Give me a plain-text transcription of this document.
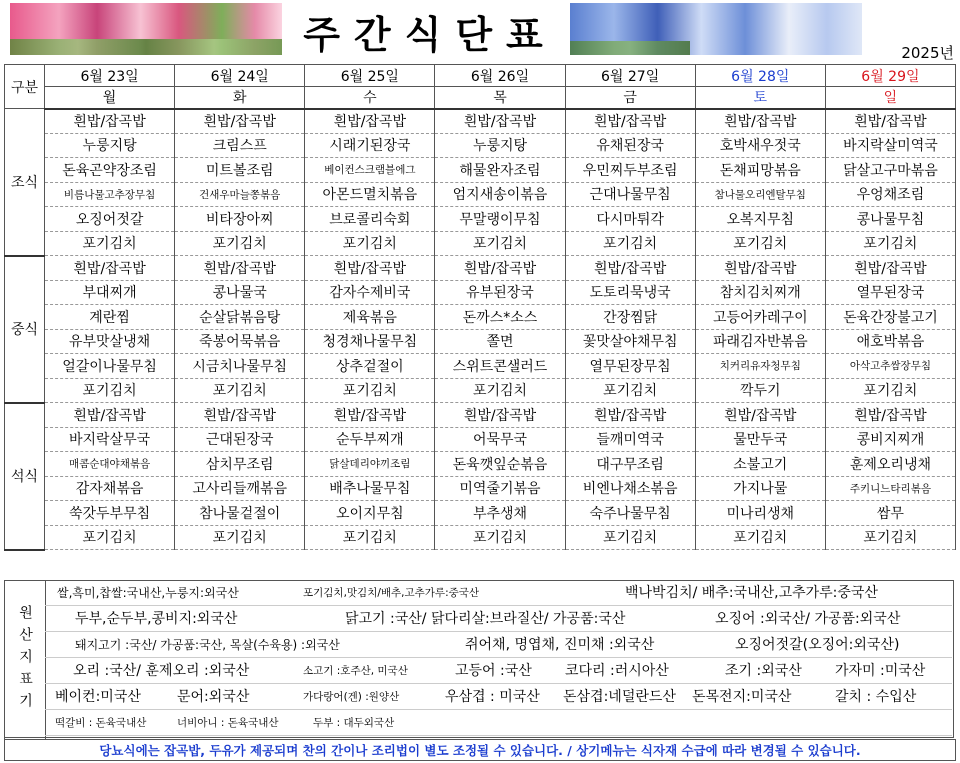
주간식단표	2025년
구분	6월 23일	6월 24일	6월 25일	6월 26일	6월 27일	6월 28일	6월 29일
	월	화	수	목	금	토	일
조식	흰밥/잡곡밥	흰밥/잡곡밥	흰밥/잡곡밥	흰밥/잡곡밥	흰밥/잡곡밥	흰밥/잡곡밥	흰밥/잡곡밥
	누룽지탕	크림스프	시래기된장국	누룽지탕	유채된장국	호박새우젓국	바지락살미역국
	돈육곤약장조림	미트볼조림	베이컨스크램블에그	해물완자조림	우민찌두부조림	돈채피망볶음	닭살고구마볶음
	비름나물고추장무침	건새우마늘쫑볶음	아몬드멸치볶음	엄지새송이볶음	근대나물무침	참나물오리엔탈무침	우엉채조림
	오징어젓갈	비타장아찌	브로콜리숙회	무말랭이무침	다시마튀각	오복지무침	콩나물무침
	포기김치	포기김치	포기김치	포기김치	포기김치	포기김치	포기김치
중식	흰밥/잡곡밥	흰밥/잡곡밥	흰밥/잡곡밥	흰밥/잡곡밥	흰밥/잡곡밥	흰밥/잡곡밥	흰밥/잡곡밥
	부대찌개	콩나물국	감자수제비국	유부된장국	도토리묵냉국	참치김치찌개	열무된장국
	계란찜	순살닭볶음탕	제육볶음	돈까스*소스	간장찜닭	고등어카레구이	돈육간장불고기
	유부맛살냉채	죽봉어묵볶음	청경채나물무침	쫄면	꽃맛살야채무침	파래김자반볶음	애호박볶음
	얼갈이나물무침	시금치나물무침	상추겉절이	스위트콘샐러드	열무된장무침	치커리유자청무침	아삭고추쌈장무침
	포기김치	포기김치	포기김치	포기김치	포기김치	깍두기	포기김치
석식	흰밥/잡곡밥	흰밥/잡곡밥	흰밥/잡곡밥	흰밥/잡곡밥	흰밥/잡곡밥	흰밥/잡곡밥	흰밥/잡곡밥
	바지락살무국	근대된장국	순두부찌개	어묵무국	들깨미역국	물만두국	콩비지찌개
	매콤순대야채볶음	삼치무조림	닭살데리야끼조림	돈육깻잎순볶음	대구무조림	소불고기	훈제오리냉채
	감자채볶음	고사리들깨볶음	배추나물무침	미역줄기볶음	비엔나채소볶음	가지나물	주키니느타리볶음
	쑥갓두부무침	참나물겉절이	오이지무침	부추생채	숙주나물무침	미나리생채	쌈무
	포기김치	포기김치	포기김치	포기김치	포기김치	포기김치	포기김치
원산지표기
쌀,흑미,찹쌀:국내산,누룽지:외국산	포기김치,맛김치/배추,고추가루:중국산	백나박김치/ 배추:국내산,고추가루:중국산
두부,순두부,콩비지:외국산	닭고기 :국산/ 닭다리살:브라질산/ 가공품:국산	오징어 :외국산/ 가공품:외국산
돼지고기 :국산/ 가공품:국산, 목살(수육용) :외국산	쥐어채, 명엽채, 진미채 :외국산	오징어젓갈(오징어:외국산)
오리 :국산/ 훈제오리 :외국산	소고기 :호주산, 미국산	고등어 :국산 코다리 :러시아산	조기 :외국산 가자미 :미국산
베이컨:미국산	문어:외국산	가다랑어(겐) :원양산	우삼겹 : 미국산 돈삼겹:네덜란드산 돈목전지:미국산	갈치 : 수입산
떡갈비 : 돈육국내산	너비아니 : 돈육국내산	두부 : 대두외국산
당뇨식에는 잡곡밥, 두유가 제공되며 찬의 간이나 조리법이 별도 조정될 수 있습니다. / 상기메뉴는 식자재 수급에 따라 변경될 수 있습니다.
